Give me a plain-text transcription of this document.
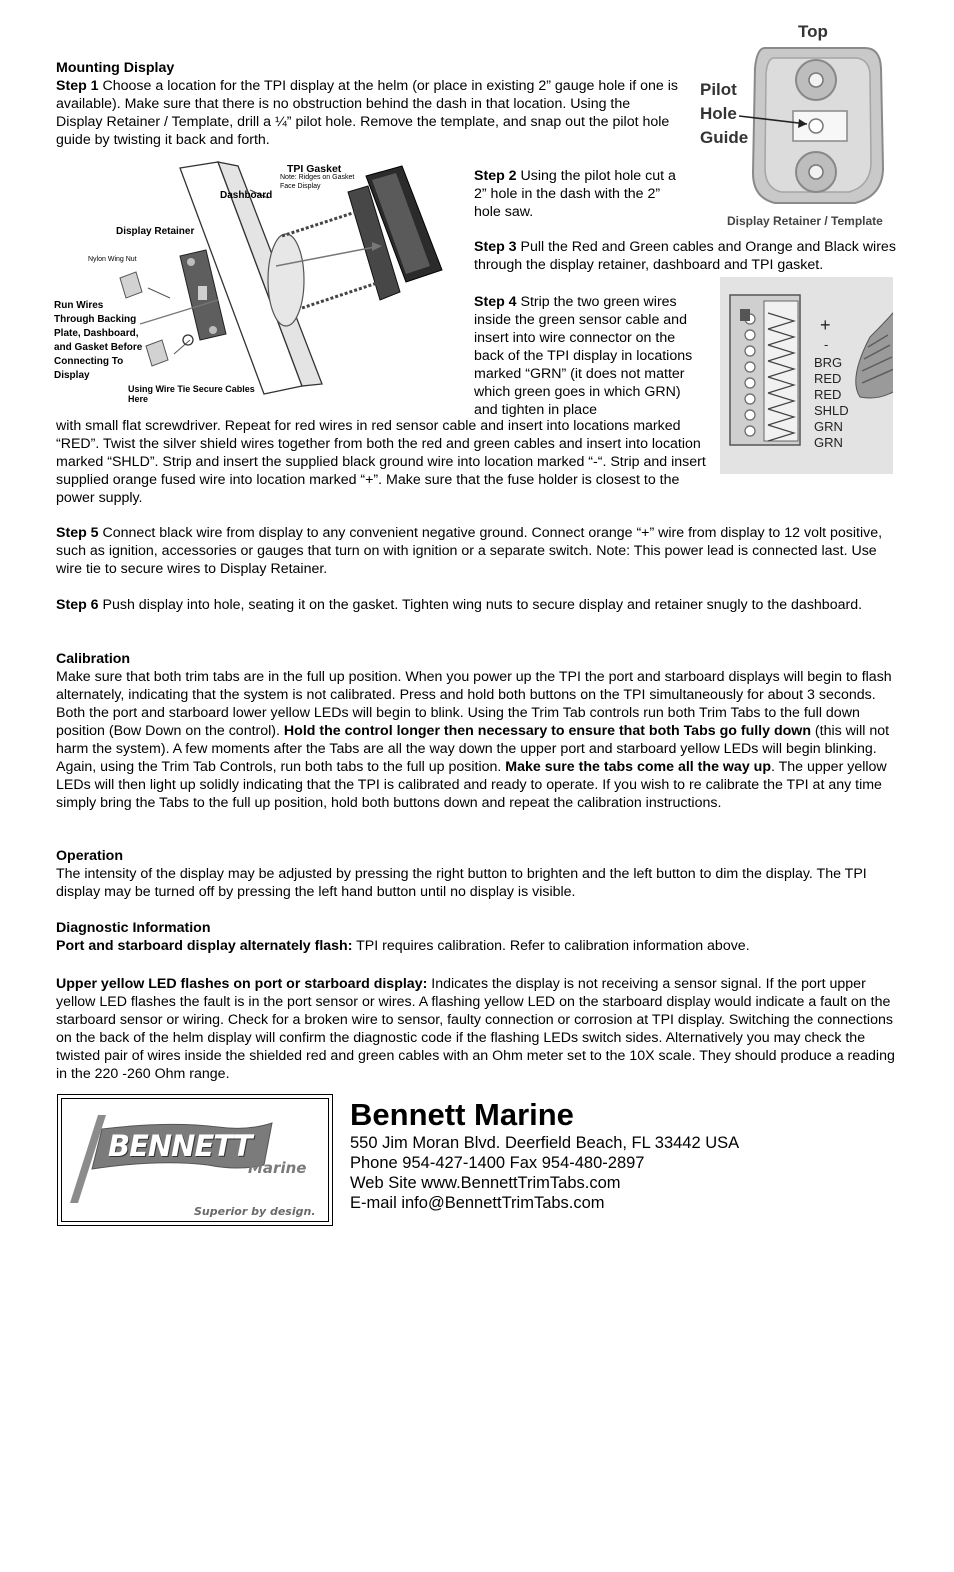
Mounting Display

Step 1 Choose a location for the TPI display at the helm (or place in existing 2” gauge hole if one is available). Make sure that there is no obstruction behind the dash in that location. Using the Display Retainer / Template, drill a ¼” pilot hole. Remove the template, and snap out the pilot hole guide by twisting it back and forth.

Top
Pilot
Hole
Guide
Display Retainer / Template
TPI Gasket
Note: Ridges on Gasket
Face Display
Dashboard
Display Retainer
Nylon Wing Nut
Run Wires
Through Backing
Plate, Dashboard,
and Gasket Before
Connecting To
Display
Using Wire Tie Secure Cables
Here

Step 2 Using the pilot hole cut a 2” hole in the dash with the 2” hole saw.

Step 3 Pull the Red and Green cables and Orange and Black wires through the display retainer, dashboard and TPI gasket.

Step 4 Strip the two green wires inside the green sensor cable and insert into wire connector on the back of the TPI display in locations marked “GRN” (it does not matter which green goes in which GRN) and tighten in place

+
-
BRG
RED
RED
SHLD
GRN
GRN

with small flat screwdriver. Repeat for red wires in red sensor cable and insert into locations marked “RED”. Twist the silver shield wires together from both the red and green cables and insert into location marked “SHLD”. Strip and insert the supplied black ground wire into location marked “-“. Strip and insert supplied orange fused wire into location marked “+”. Make sure that the fuse holder is closest to the power supply.

Step 5 Connect black wire from display to any convenient negative ground. Connect orange “+” wire from display to 12 volt positive, such as ignition, accessories or gauges that turn on with ignition or a separate switch. Note: This power lead is connected last. Use wire tie to secure wires to Display Retainer.

Step 6 Push display into hole, seating it on the gasket. Tighten wing nuts to secure display and retainer snugly to the dashboard.

Calibration

Make sure that both trim tabs are in the full up position. When you power up the TPI the port and starboard displays will begin to flash alternately, indicating that the system is not calibrated. Press and hold both buttons on the TPI simultaneously for about 3 seconds. Both the port and starboard lower yellow LEDs will begin to blink. Using the Trim Tab controls run both Trim Tabs to the full down position (Bow Down on the control). Hold the control longer then necessary to ensure that both Tabs go fully down (this will not harm the system). A few moments after the Tabs are all the way down the upper port and starboard yellow LEDs will begin blinking. Again, using the Trim Tab Controls, run both tabs to the full up position. Make sure the tabs come all the way up. The upper yellow LEDs will then light up solidly indicating that the TPI is calibrated and ready to operate. If you wish to re calibrate the TPI at any time simply bring the Tabs to the full up position, hold both buttons down and repeat the calibration instructions.

Operation

The intensity of the display may be adjusted by pressing the right button to brighten and the left button to dim the display. The TPI display may be turned off by pressing the left hand button until no display is visible.

Diagnostic Information

Port and starboard display alternately flash: TPI requires calibration. Refer to calibration information above.

Upper yellow LED flashes on port or starboard display: Indicates the display is not receiving a sensor signal. If the port upper yellow LED flashes the fault is in the port sensor or wires. A flashing yellow LED on the starboard display would indicate a fault on the starboard sensor or wiring. Check for a broken wire to sensor, faulty connection or corrosion at TPI display. Switching the connections on the back of the helm display will confirm the diagnostic code if the flashing LEDs switch sides. Alternatively you may check the twisted pair of wires inside the shielded red and green cables with an Ohm meter set to the 10X scale. They should produce a reading in the 220 -260 Ohm range.

BENNETT
Marine
Superior by design.
Bennett Marine
550 Jim Moran Blvd. Deerfield Beach, FL 33442 USA
Phone 954-427-1400 Fax 954-480-2897
Web Site www.BennettTrimTabs.com
E-mail info@BennettTrimTabs.com
